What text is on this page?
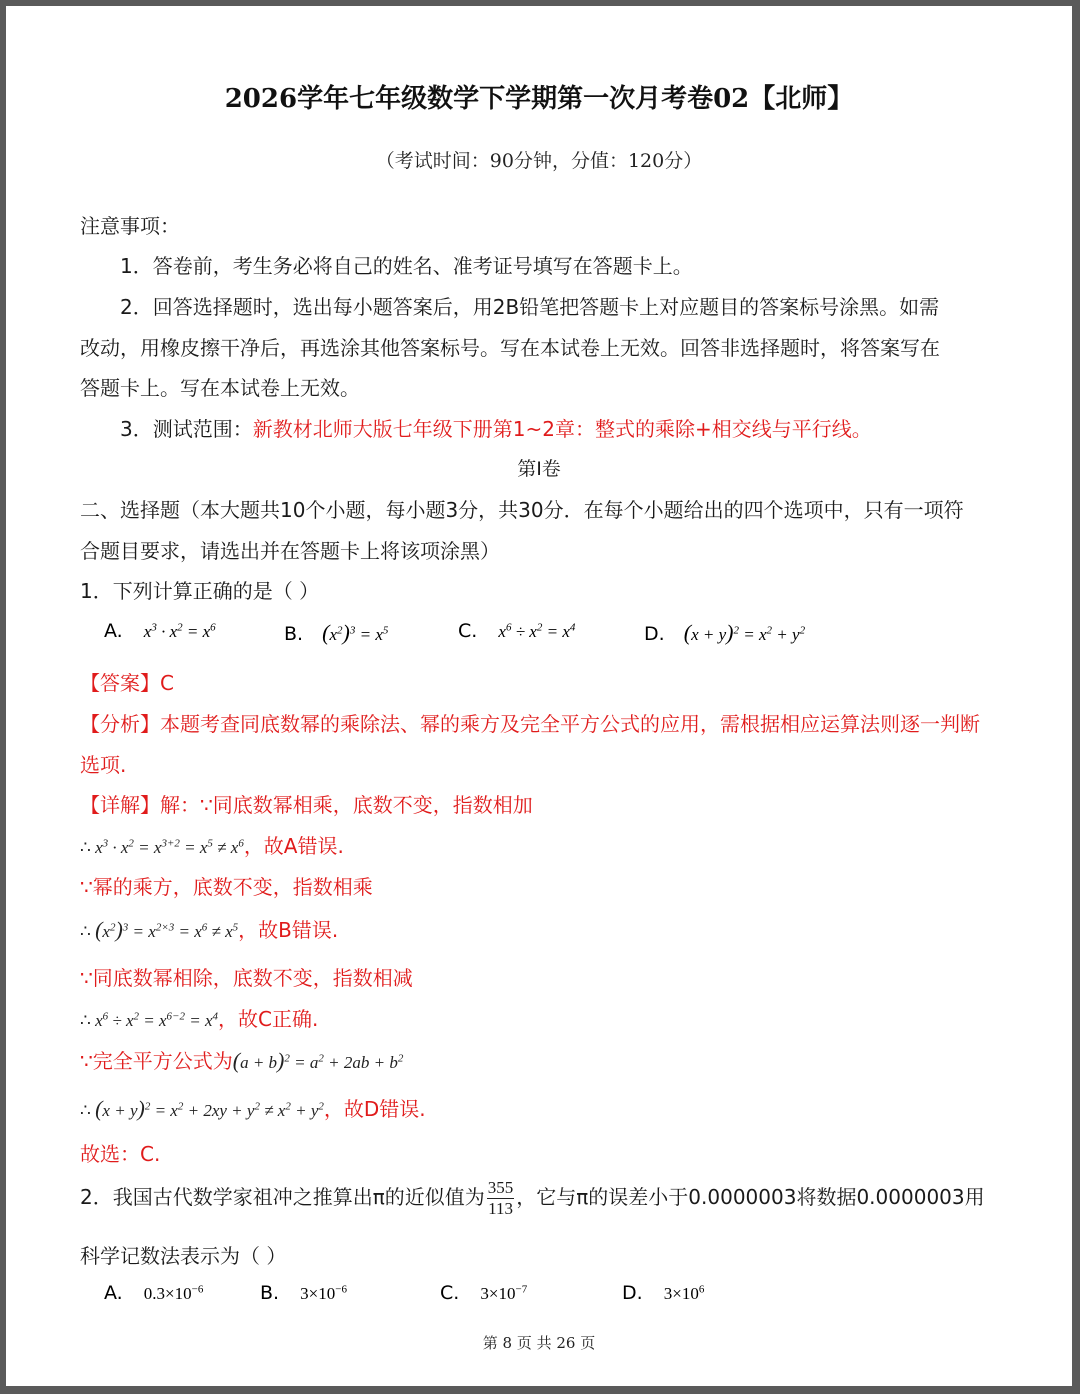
2026学年七年级数学下学期第一次月考卷02【北师】
（考试时间：90分钟，分值：120分）
注意事项：
1．答卷前，考生务必将自己的姓名、准考证号填写在答题卡上。
2．回答选择题时，选出每小题答案后，用2B铅笔把答题卡上对应题目的答案标号涂黑。如需
改动，用橡皮擦干净后，再选涂其他答案标号。写在本试卷上无效。回答非选择题时，将答案写在
答题卡上。写在本试卷上无效。
3．测试范围：新教材北师大版七年级下册第1~2章：整式的乘除+相交线与平行线。
第Ⅰ卷
二、选择题（本大题共10个小题，每小题3分，共30分．在每个小题给出的四个选项中，只有一项符
合题目要求，请选出并在答题卡上将该项涂黑）
1．下列计算正确的是（ ）
A. $x^3 \cdot x^2 = x^6$	B. $(x^2)^3 = x^5$	C. $x^6 \div x^2 = x^4$	D. $(x + y)^2 = x^2 + y^2$
【答案】C
【分析】本题考查同底数幂的乘除法、幂的乘方及完全平方公式的应用，需根据相应运算法则逐一判断
选项.
【详解】解：∵同底数幂相乘，底数不变，指数相加
∴ $x^3 \cdot x^2 = x^{3+2} = x^5 \ne x^6$，故A错误.
∵幂的乘方，底数不变，指数相乘
∴ $(x^2)^3 = x^{2\times 3} = x^6 \ne x^5$，故B错误.
∵同底数幂相除，底数不变，指数相减
∴ $x^6 \div x^2 = x^{6-2} = x^4$，故C正确.
∵完全平方公式为$(a + b)^2 = a^2 + 2ab + b^2$
∴ $(x + y)^2 = x^2 + 2xy + y^2 \ne x^2 + y^2$，故D错误.
故选：C.
2．我国古代数学家祖冲之推算出π的近似值为 $\frac{355}{113}$ ，它与π的误差小于0.0000003将数据0.0000003用
科学记数法表示为（ ）
A. $0.3\times 10^{-6}$	B. $3\times 10^{-6}$	C. $3\times 10^{-7}$	D. $3\times 10^6$
第 8 页 共 26 页
